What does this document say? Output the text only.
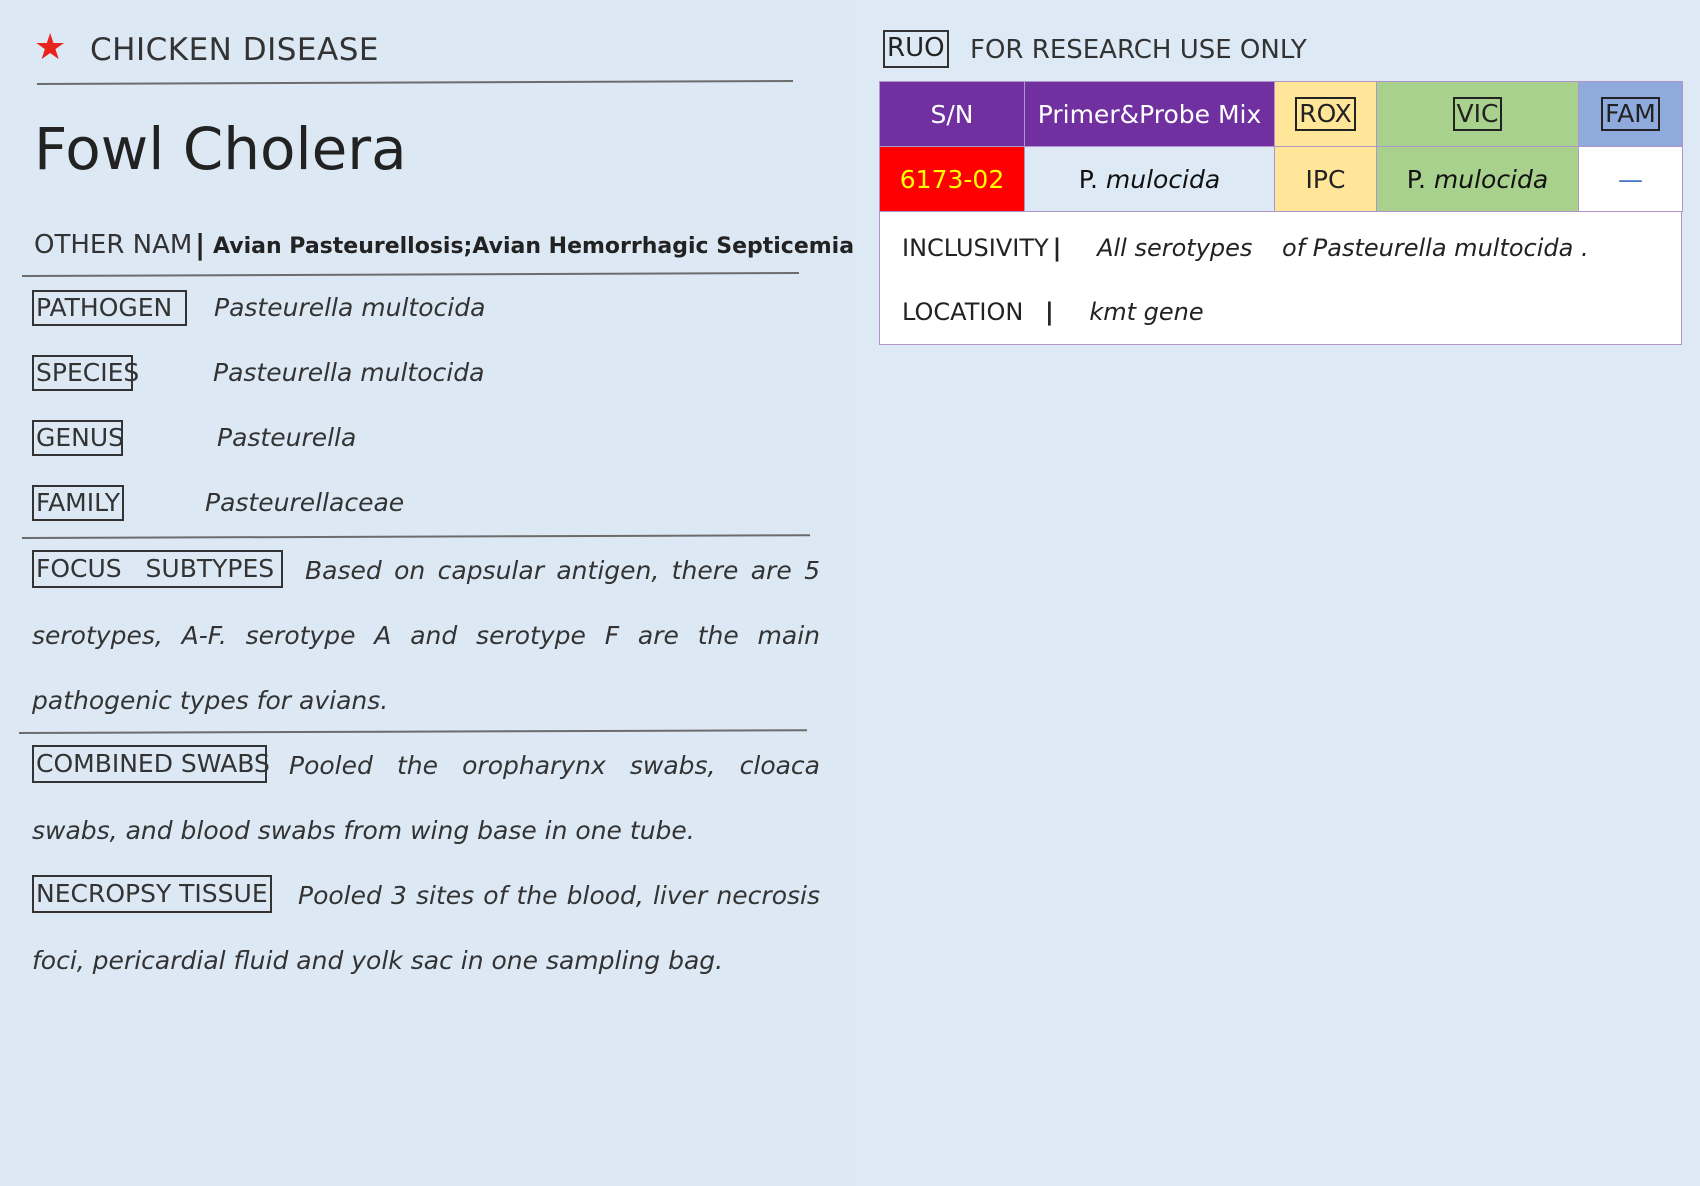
★ CHICKEN DISEASE
Fowl Cholera
OTHER NAM | Avian Pasteurellosis;Avian Hemorrhagic Septicemia
PATHOGEN	Pasteurella multocida
SPECIES	Pasteurella multocida
GENUS	Pasteurella
FAMILY	Pasteurellaceae

FOCUS   SUBTYPES Based on capsular antigen, there are 5 serotypes, A-F. serotype A and serotype F are the main pathogenic types for avians.

COMBINED SWABS Pooled the oropharynx swabs, cloaca swabs, and blood swabs from wing base in one tube.

NECROPSY TISSUE Pooled 3 sites of the blood, liver necrosis foci, pericardial fluid and yolk sac in one sampling bag.

RUO FOR RESEARCH USE ONLY
S/N	Primer&Probe Mix	ROX	VIC	FAM
6173-02	P. mulocida	IPC	P. mulocida	—
INCLUSIVITY | All serotypes of Pasteurella multocida .
LOCATION | kmt gene
